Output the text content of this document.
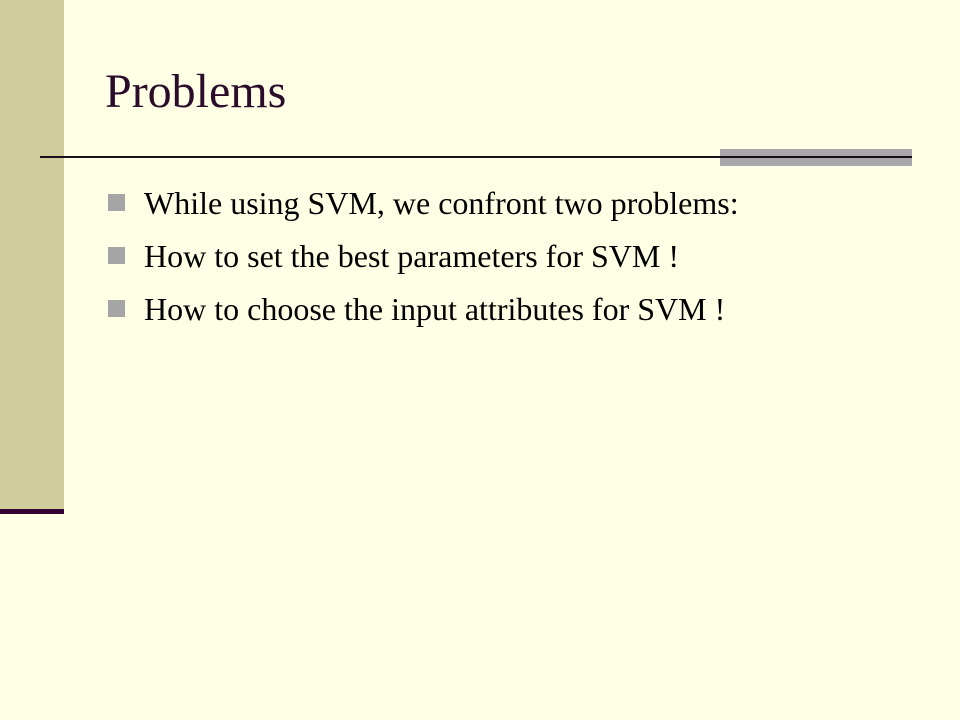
Problems
While using SVM, we confront two problems:
How to set the best parameters for SVM !
How to choose the input attributes for SVM !
